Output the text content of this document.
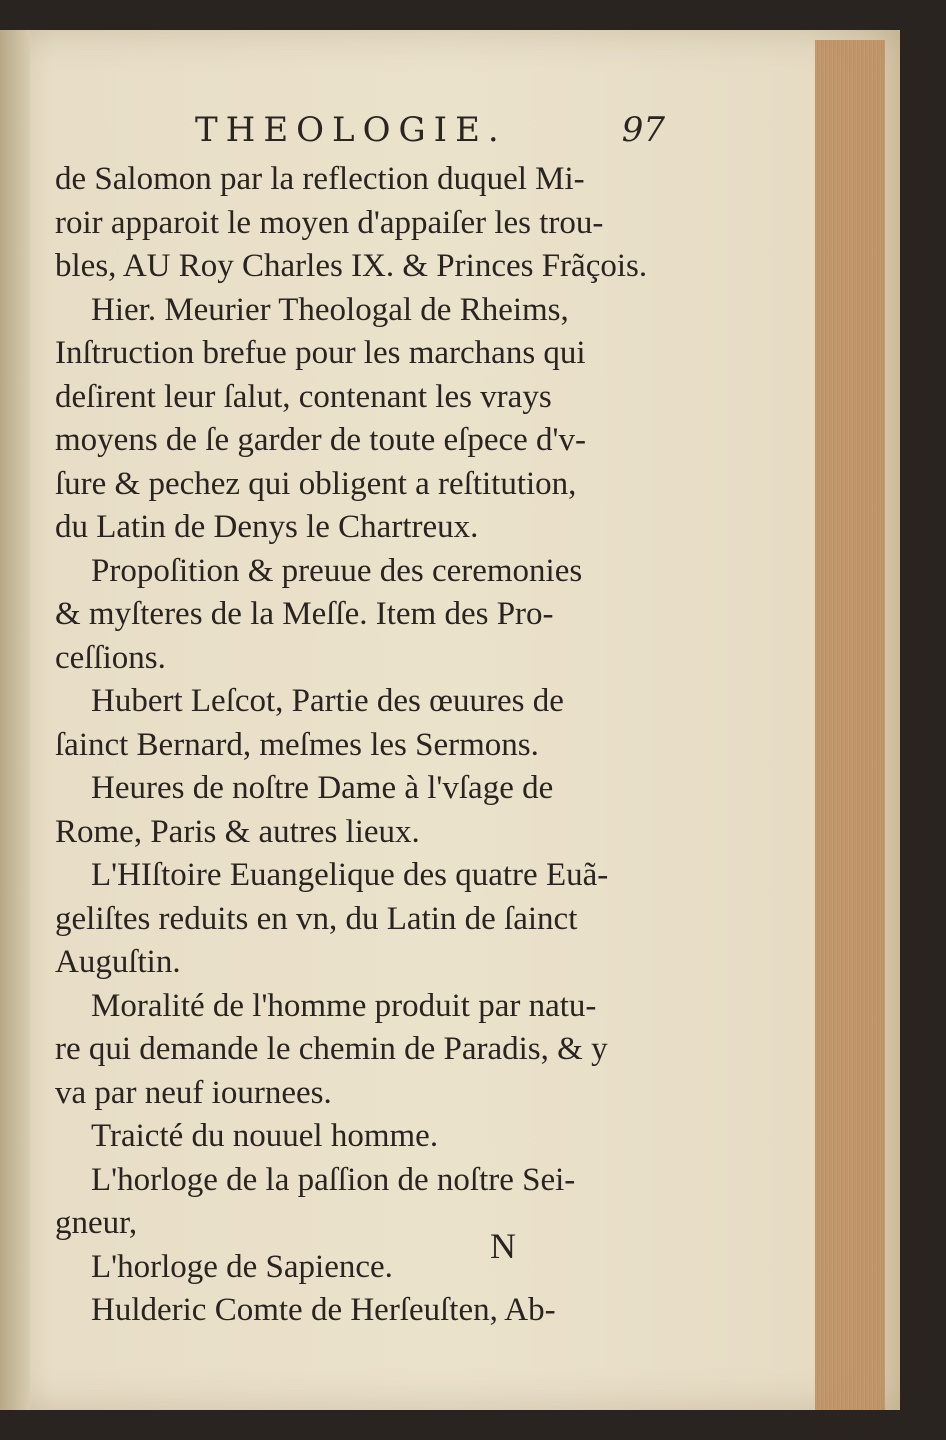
THEOLOGIE.	97
de Salomon par la reflection duquel Mi-
roir apparoit le moyen d'appaiſer les trou-
bles, AU Roy Charles IX. & Princes Frãçois.
Hier. Meurier Theologal de Rheims,
Inſtruction brefue pour les marchans qui
deſirent leur ſalut, contenant les vrays
moyens de ſe garder de toute eſpece d'v-
ſure & pechez qui obligent a reſtitution,
du Latin de Denys le Chartreux.
Propoſition & preuue des ceremonies
& myſteres de la Meſſe. Item des Pro-
ceſſions.
Hubert Leſcot, Partie des œuures de
ſainct Bernard, meſmes les Sermons.
Heures de noſtre Dame à l'vſage de
Rome, Paris & autres lieux.
L'HIſtoire Euangelique des quatre Euã-
geliſtes reduits en vn, du Latin de ſainct
Auguſtin.
Moralité de l'homme produit par natu-
re qui demande le chemin de Paradis, & y
va par neuf iournees.
Traicté du nouuel homme.
L'horloge de la paſſion de noſtre Sei-
gneur,
L'horloge de Sapience.
Hulderic Comte de Herſeuſten, Ab-
N
